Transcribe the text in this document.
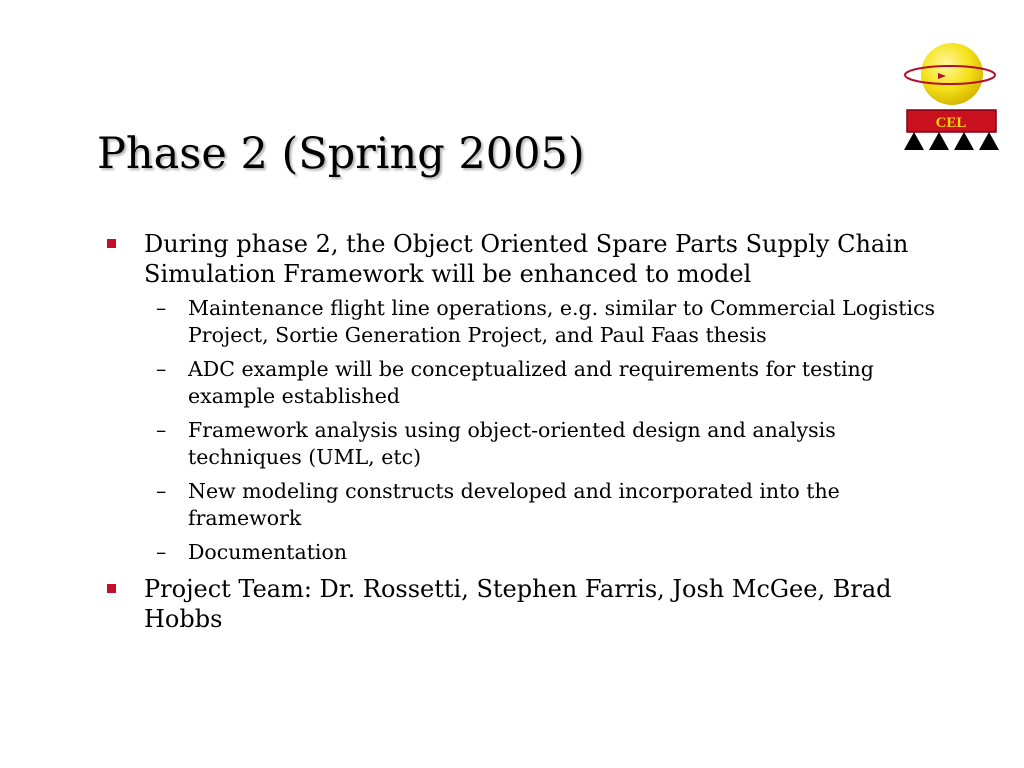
CEL
Phase 2 (Spring 2005)
During phase 2, the Object Oriented Spare Parts Supply Chain Simulation Framework will be enhanced to model
– Maintenance flight line operations, e.g. similar to Commercial Logistics Project, Sortie Generation Project, and Paul Faas thesis
– ADC example will be conceptualized and requirements for testing example established
– Framework analysis using object-oriented design and analysis techniques (UML, etc)
– New modeling constructs developed and incorporated into the framework
– Documentation
Project Team: Dr. Rossetti, Stephen Farris, Josh McGee, Brad Hobbs
